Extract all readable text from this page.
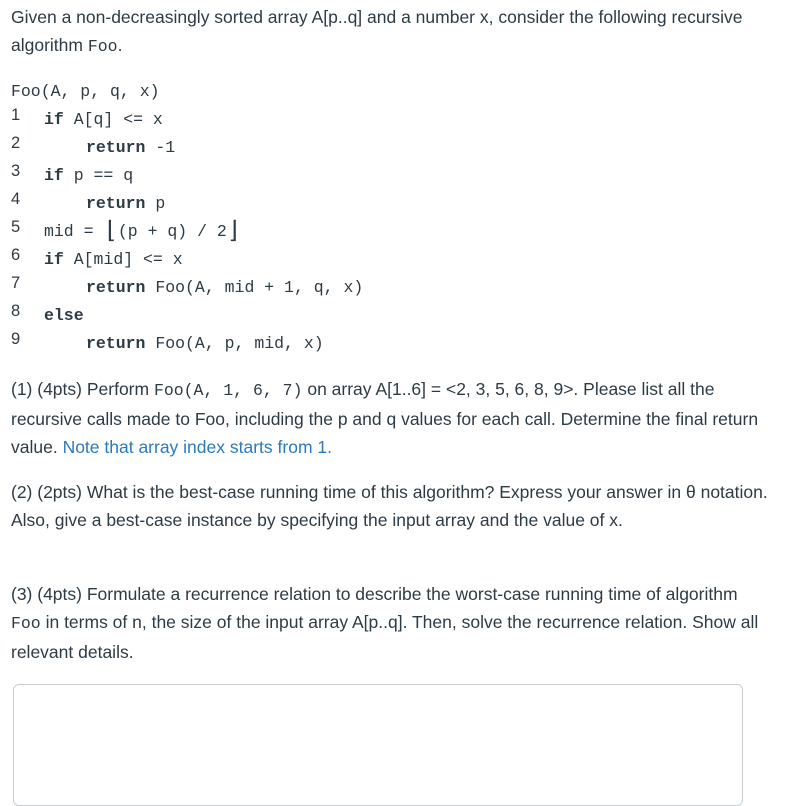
Given a non-decreasingly sorted array A[p..q] and a number x, consider the following recursive algorithm Foo.

Foo(A, p, q, x)
1 if A[q] <= x
2	return -1
3 if p == q
4	return p
5 mid = ⌊(p + q) / 2⌋
6 if A[mid] <= x
7	return Foo(A, mid + 1, q, x)
8 else
9	return Foo(A, p, mid, x)

(1) (4pts) Perform Foo(A, 1, 6, 7) on array A[1..6] = <2, 3, 5, 6, 8, 9>. Please list all the recursive calls made to Foo, including the p and q values for each call. Determine the final return value. Note that array index starts from 1.

(2) (2pts) What is the best-case running time of this algorithm? Express your answer in θ notation. Also, give a best-case instance by specifying the input array and the value of x.

(3) (4pts) Formulate a recurrence relation to describe the worst-case running time of algorithm Foo in terms of n, the size of the input array A[p..q]. Then, solve the recurrence relation. Show all relevant details.
